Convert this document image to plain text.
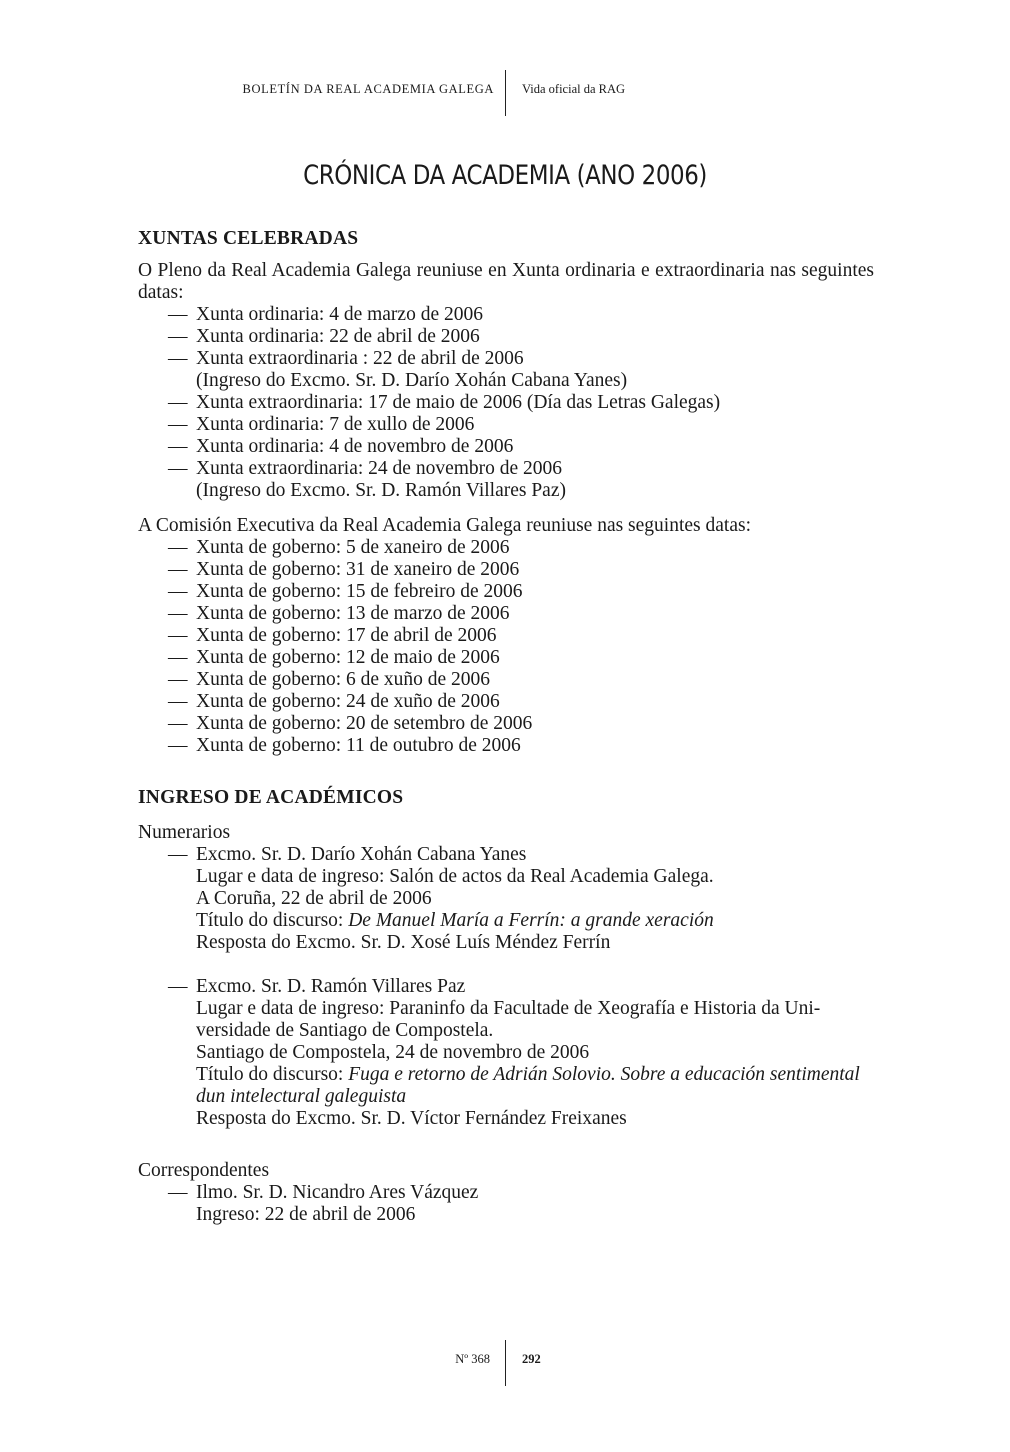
BOLETÍN DA REAL ACADEMIA GALEGA Vida oficial da RAG
CRÓNICA DA ACADEMIA (ANO 2006)
XUNTAS CELEBRADAS

O Pleno da Real Academia Galega reuniuse en Xunta ordinaria e extraordinaria nas seguintes datas:

— Xunta ordinaria: 4 de marzo de 2006
— Xunta ordinaria: 22 de abril de 2006
— Xunta extraordinaria : 22 de abril de 2006
(Ingreso do Excmo. Sr. D. Darío Xohán Cabana Yanes)
— Xunta extraordinaria: 17 de maio de 2006 (Día das Letras Galegas)
— Xunta ordinaria: 7 de xullo de 2006
— Xunta ordinaria: 4 de novembro de 2006
— Xunta extraordinaria: 24 de novembro de 2006
(Ingreso do Excmo. Sr. D. Ramón Villares Paz)

A Comisión Executiva da Real Academia Galega reuniuse nas seguintes datas:

— Xunta de goberno: 5 de xaneiro de 2006
— Xunta de goberno: 31 de xaneiro de 2006
— Xunta de goberno: 15 de febreiro de 2006
— Xunta de goberno: 13 de marzo de 2006
— Xunta de goberno: 17 de abril de 2006
— Xunta de goberno: 12 de maio de 2006
— Xunta de goberno: 6 de xuño de 2006
— Xunta de goberno: 24 de xuño de 2006
— Xunta de goberno: 20 de setembro de 2006
— Xunta de goberno: 11 de outubro de 2006
INGRESO DE ACADÉMICOS
Numerarios
— Excmo. Sr. D. Darío Xohán Cabana Yanes
Lugar e data de ingreso: Salón de actos da Real Academia Galega.
A Coruña, 22 de abril de 2006
Título do discurso: De Manuel María a Ferrín: a grande xeración
Resposta do Excmo. Sr. D. Xosé Luís Méndez Ferrín
— Excmo. Sr. D. Ramón Villares Paz
Lugar e data de ingreso: Paraninfo da Facultade de Xeografía e Historia da Uni-
versidade de Santiago de Compostela.
Santiago de Compostela, 24 de novembro de 2006
Título do discurso: Fuga e retorno de Adrián Solovio. Sobre a educación sentimental
dun intelectural galeguista
Resposta do Excmo. Sr. D. Víctor Fernández Freixanes
Correspondentes
— Ilmo. Sr. D. Nicandro Ares Vázquez
Ingreso: 22 de abril de 2006
Nº 368	292
